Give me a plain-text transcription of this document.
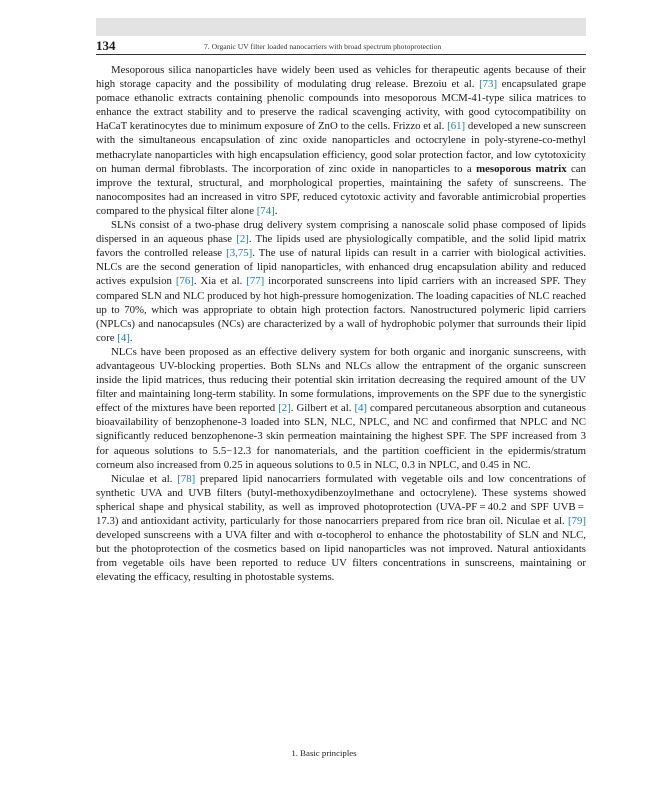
134	7. Organic UV filter loaded nanocarriers with broad spectrum photoprotection

Mesoporous silica nanoparticles have widely been used as vehicles for therapeutic agents because of their high storage capacity and the possibility of modulating drug release. Brezoiu et al. [73] encapsulated grape pomace ethanolic extracts containing phenolic compounds into mesoporous MCM-41-type silica matrices to enhance the extract stability and to preserve the radical scavenging activity, with good cytocompatibility on HaCaT keratinocytes due to minimum exposure of ZnO to the cells. Frizzo et al. [61] developed a new sunscreen with the simultaneous encapsulation of zinc oxide nanoparticles and octocrylene in poly-styrene-co-methyl methacrylate nanoparticles with high encapsulation efficiency, good solar protection factor, and low cytotoxicity on human dermal fibroblasts. The incorporation of zinc oxide in nanoparticles to a mesoporous matrix can improve the textural, structural, and morphological properties, maintaining the safety of sunscreens. The nanocomposites had an increased in vitro SPF, reduced cytotoxic activity and favorable antimicrobial properties compared to the physical filter alone [74].

SLNs consist of a two-phase drug delivery system comprising a nanoscale solid phase composed of lipids dispersed in an aqueous phase [2]. The lipids used are physiologically compatible, and the solid lipid matrix favors the controlled release [3,75]. The use of natural lipids can result in a carrier with biological activities. NLCs are the second generation of lipid nanoparticles, with enhanced drug encapsulation ability and reduced actives expulsion [76]. Xia et al. [77] incorporated sunscreens into lipid carriers with an increased SPF. They compared SLN and NLC produced by hot high-pressure homogenization. The loading capacities of NLC reached up to 70%, which was appropriate to obtain high protection factors. Nanostructured polymeric lipid carriers (NPLCs) and nanocapsules (NCs) are characterized by a wall of hydrophobic polymer that surrounds their lipid core [4].

NLCs have been proposed as an effective delivery system for both organic and inorganic sunscreens, with advantageous UV-blocking properties. Both SLNs and NLCs allow the entrapment of the organic sunscreen inside the lipid matrices, thus reducing their potential skin irritation decreasing the required amount of the UV filter and maintaining long-term stability. In some formulations, improvements on the SPF due to the synergistic effect of the mixtures have been reported [2]. Gilbert et al. [4] compared percutaneous absorption and cutaneous bioavailability of benzophenone-3 loaded into SLN, NLC, NPLC, and NC and confirmed that NPLC and NC significantly reduced benzophenone-3 skin permeation maintaining the highest SPF. The SPF increased from 3 for aqueous solutions to 5.5−12.3 for nanomaterials, and the partition coefficient in the epidermis/stratum corneum also increased from 0.25 in aqueous solutions to 0.5 in NLC, 0.3 in NPLC, and 0.45 in NC.

Niculae et al. [78] prepared lipid nanocarriers formulated with vegetable oils and low concentrations of synthetic UVA and UVB filters (butyl-methoxydibenzoylmethane and octocrylene). These systems showed spherical shape and physical stability, as well as improved photoprotection (UVA-PF = 40.2 and SPF UVB = 17.3) and antioxidant activity, particularly for those nanocarriers prepared from rice bran oil. Niculae et al. [79] developed sunscreens with a UVA filter and with α-tocopherol to enhance the photostability of SLN and NLC, but the photoprotection of the cosmetics based on lipid nanoparticles was not improved. Natural antioxidants from vegetable oils have been reported to reduce UV filters concentrations in sunscreens, maintaining or elevating the efficacy, resulting in photostable systems.

1. Basic principles
